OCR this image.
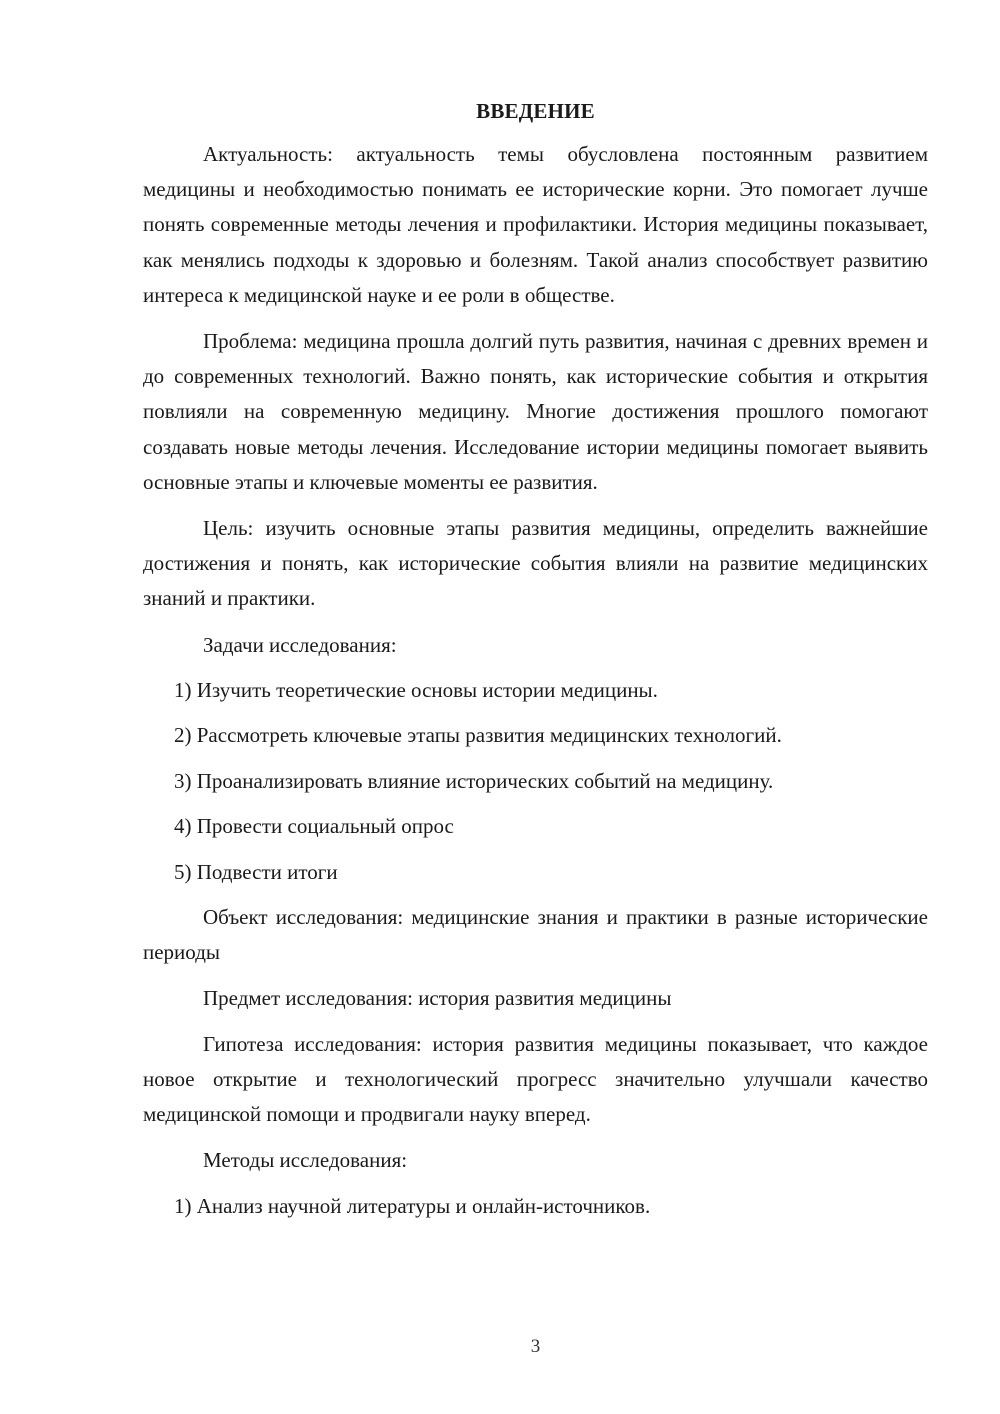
ВВЕДЕНИЕ

Актуальность: актуальность темы обусловлена постоянным развитием медицины и необходимостью понимать ее исторические корни. Это помогает лучше понять современные методы лечения и профилактики. История медицины показывает, как менялись подходы к здоровью и болезням. Такой анализ способствует развитию интереса к медицинской науке и ее роли в обществе.

Проблема: медицина прошла долгий путь развития, начиная с древних времен и до современных технологий. Важно понять, как исторические события и открытия повлияли на современную медицину. Многие достижения прошлого помогают создавать новые методы лечения. Исследование истории медицины помогает выявить основные этапы и ключевые моменты ее развития.

Цель: изучить основные этапы развития медицины, определить важнейшие достижения и понять, как исторические события влияли на развитие медицинских знаний и практики.

Задачи исследования:

1) Изучить теоретические основы истории медицины.

2) Рассмотреть ключевые этапы развития медицинских технологий.

3) Проанализировать влияние исторических событий на медицину.

4) Провести социальный опрос

5) Подвести итоги

Объект исследования: медицинские знания и практики в разные исторические периоды

Предмет исследования: история развития медицины

Гипотеза исследования: история развития медицины показывает, что каждое новое открытие и технологический прогресс значительно улучшали качество медицинской помощи и продвигали науку вперед.

Методы исследования:

1) Анализ научной литературы и онлайн-источников.

3
